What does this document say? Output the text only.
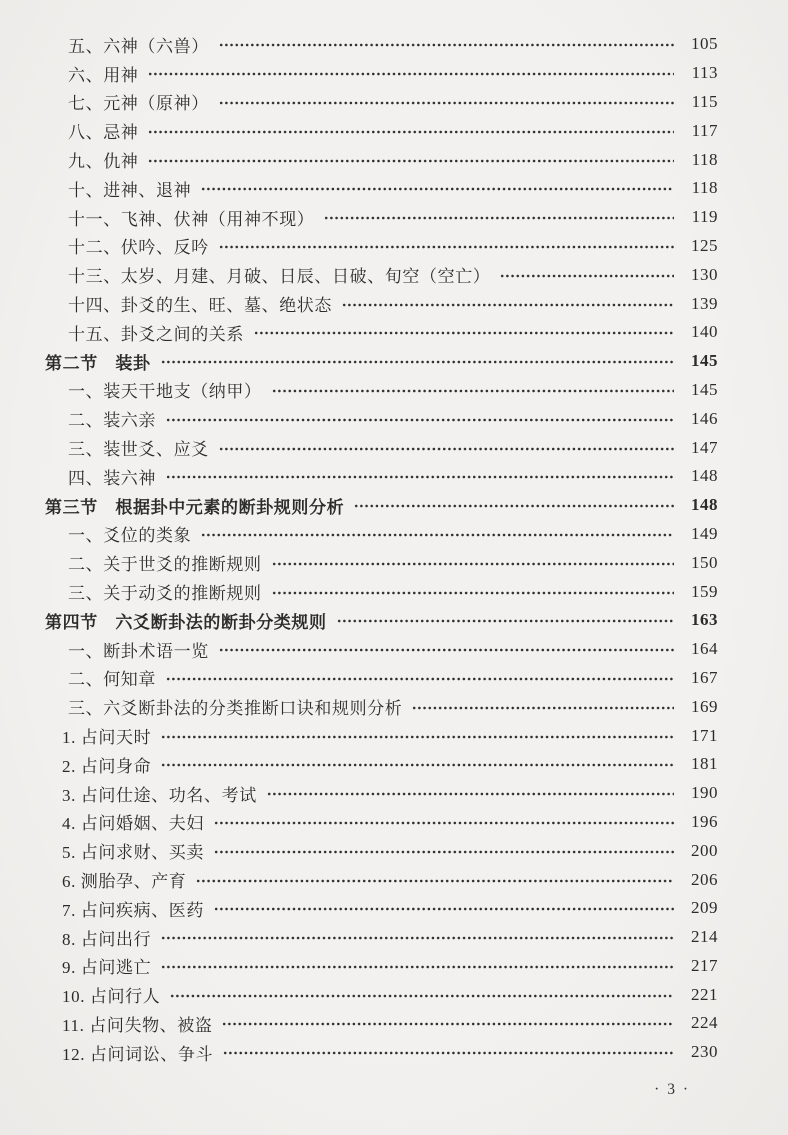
五、六神（六兽）	105
六、用神	113
七、元神（原神）	115
八、忌神	117
九、仇神	118
十、进神、退神	118
十一、飞神、伏神（用神不现）	119
十二、伏吟、反吟	125
十三、太岁、月建、月破、日辰、日破、旬空（空亡）	130
十四、卦爻的生、旺、墓、绝状态	139
十五、卦爻之间的关系	140
第二节　装卦	145
一、装天干地支（纳甲）	145
二、装六亲	146
三、装世爻、应爻	147
四、装六神	148
第三节　根据卦中元素的断卦规则分析	148
一、爻位的类象	149
二、关于世爻的推断规则	150
三、关于动爻的推断规则	159
第四节　六爻断卦法的断卦分类规则	163
一、断卦术语一览	164
二、何知章	167
三、六爻断卦法的分类推断口诀和规则分析	169
1. 占问天时	171
2. 占问身命	181
3. 占问仕途、功名、考试	190
4. 占问婚姻、夫妇	196
5. 占问求财、买卖	200
6. 测胎孕、产育	206
7. 占问疾病、医药	209
8. 占问出行	214
9. 占问逃亡	217
10. 占问行人	221
11. 占问失物、被盗	224
12. 占问词讼、争斗	230
· 3 ·
